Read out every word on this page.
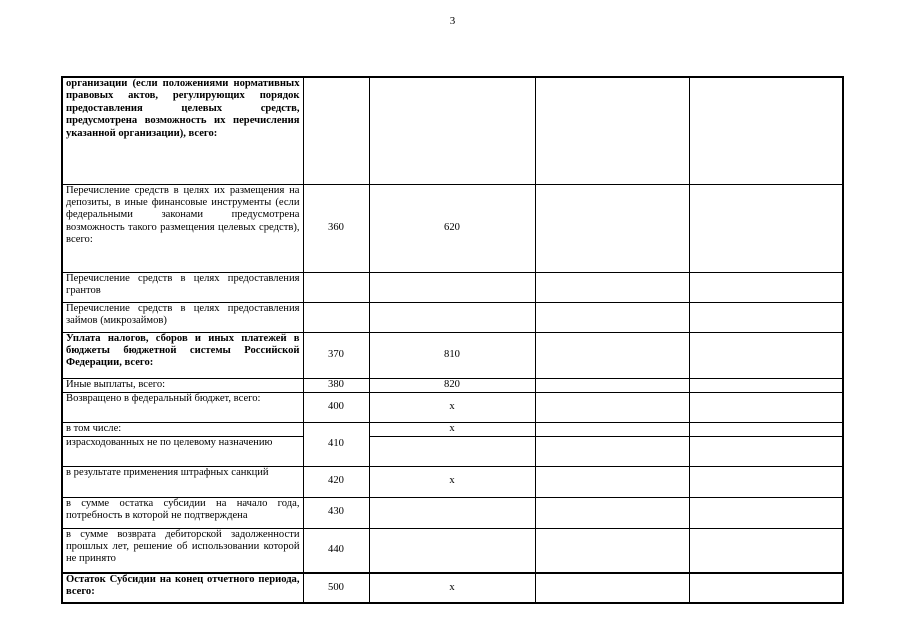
3
организации (если положениями нормативных правовых актов, регулирующих порядок предоставления целевых средств, предусмотрена возможность их перечисления указанной организации), всего:				
Перечисление средств в целях их размещения на депозиты, в иные финансовые инструменты (если федеральными законами предусмотрена возможность такого размещения целевых средств), всего:	360	620		
Перечисление средств в целях предоставления грантов				
Перечисление средств в целях предоставления займов (микрозаймов)				
Уплата налогов, сборов и иных платежей в бюджеты бюджетной системы Российской Федерации, всего:	370	810		
Иные выплаты, всего:	380	820		
Возвращено в федеральный бюджет, всего:	400	х		
в том числе:	410	х		
израсходованных не по целевому назначению				
в результате применения штрафных санкций	420	х		
в сумме остатка субсидии на начало года, потребность в которой не подтверждена	430			
в сумме возврата дебиторской задолженности прошлых лет, решение об использовании которой не принято	440			
Остаток Субсидии на конец отчетного периода, всего:	500	х		
